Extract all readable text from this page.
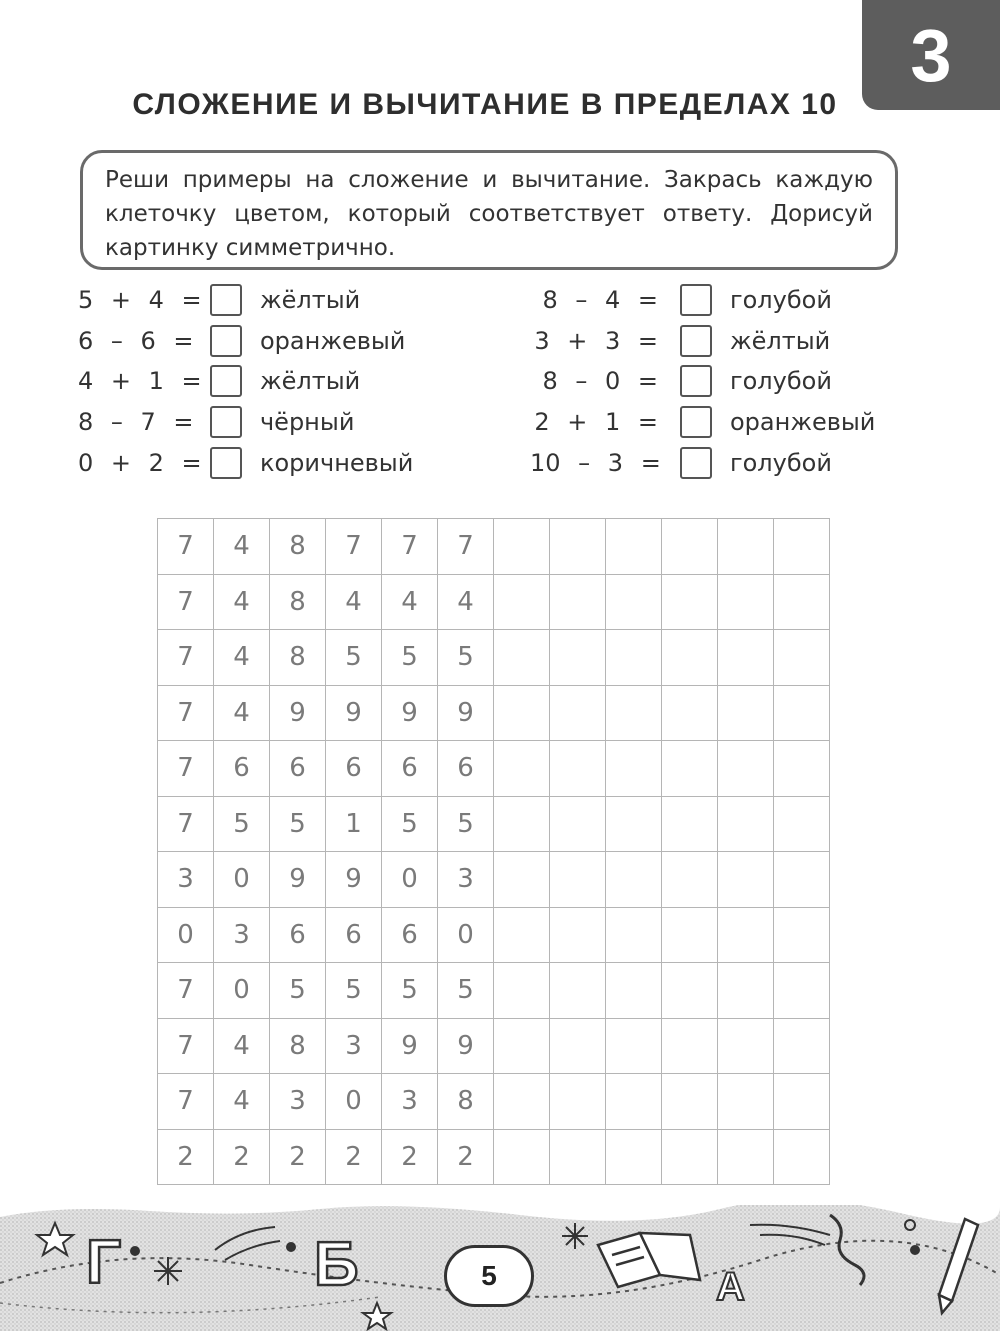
3
СЛОЖЕНИЕ И ВЫЧИТАНИЕ В ПРЕДЕЛАХ 10
Реши примеры на сложение и вычитание. Закрась каждую клеточку цветом, который соответствует ответу. Дорисуй картинку симметрично.
5 + 4 = жёлтый
6 – 6 =	оранжевый
4 + 1 = жёлтый
8 – 7 =	чёрный
0 + 2 = коричневый
8 – 4 =	голубой
3 + 3 =	жёлтый
8 – 0 =	голубой
2 + 1 =	оранжевый
10 – 3 =	голубой
7	4	8	7	7	7						
7	4	8	4	4	4						
7	4	8	5	5	5						
7	4	9	9	9	9						
7	6	6	6	6	6						
7	5	5	1	5	5						
3	0	9	9	0	3						
0	3	6	6	6	0						
7	0	5	5	5	5						
7	4	8	3	9	9						
7	4	3	0	3	8						
2	2	2	2	2	2						
Г	Б	А
5
